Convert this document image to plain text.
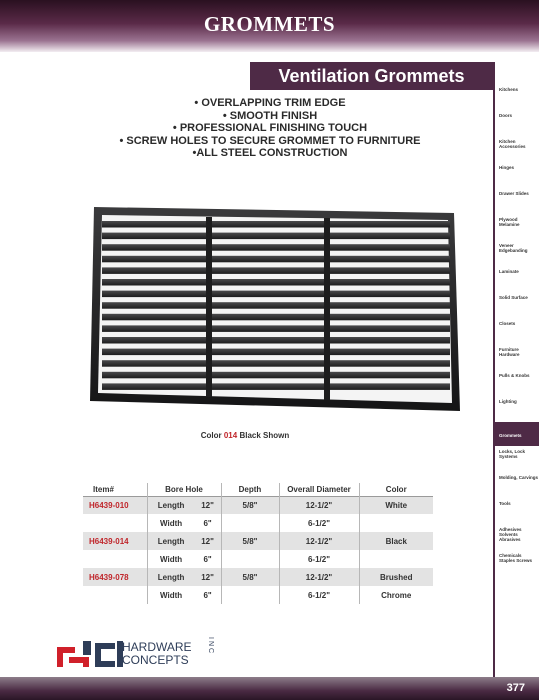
GROMMETS
Ventilation Grommets
• OVERLAPPING TRIM EDGE
• SMOOTH FINISH
• PROFESSIONAL FINISHING TOUCH
• SCREW HOLES TO SECURE GROMMET TO FURNITURE
•ALL STEEL CONSTRUCTION
Color 014 Black Shown
Item#	Bore Hole		Depth	Overall Diameter	Color
H6439-010	Length	12"	5/8"	12-1/2"	White
	Width	6"		6-1/2"	
H6439-014	Length	12"	5/8"	12-1/2"	Black
	Width	6"		6-1/2"	
H6439-078	Length	12"	5/8"	12-1/2"	Brushed
	Width	6"		6-1/2"	Chrome
Kitchens
Doors
Kitchen Accessories
Hinges
Drawer Slides
Plywood Melamine
Veneer Edgebanding
Laminate
Solid Surface
Closets
Furniture Hardware
Pulls & Knobs
Lighting
Grommets
Locks, Lock Systems
Molding, Carvings
Tools
Adhesives Solvents Abrasives
Chemicals Staples Screws
HARDWARE
CONCEPTS
INC
377
